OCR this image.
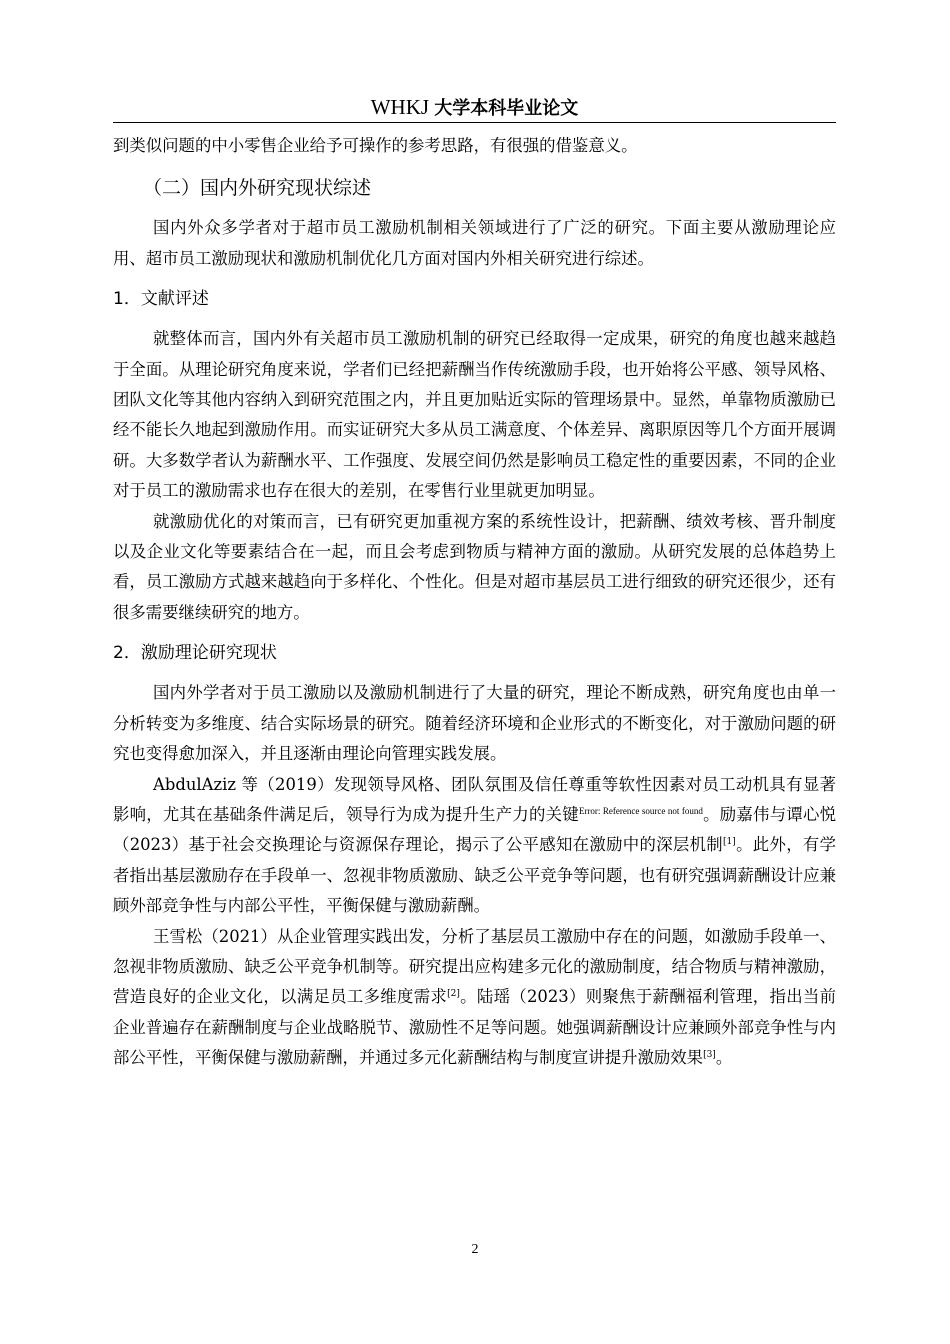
WHKJ 大学本科毕业论文

到类似问题的中小零售企业给予可操作的参考思路，有很强的借鉴意义。

（二）国内外研究现状综述

国内外众多学者对于超市员工激励机制相关领域进行了广泛的研究。下面主要从激励理论应用、超市员工激励现状和激励机制优化几方面对国内外相关研究进行综述。

1．文献评述

就整体而言，国内外有关超市员工激励机制的研究已经取得一定成果，研究的角度也越来越趋于全面。从理论研究角度来说，学者们已经把薪酬当作传统激励手段，也开始将公平感、领导风格、团队文化等其他内容纳入到研究范围之内，并且更加贴近实际的管理场景中。显然，单靠物质激励已经不能长久地起到激励作用。而实证研究大多从员工满意度、个体差异、离职原因等几个方面开展调研。大多数学者认为薪酬水平、工作强度、发展空间仍然是影响员工稳定性的重要因素，不同的企业对于员工的激励需求也存在很大的差别，在零售行业里就更加明显。

就激励优化的对策而言，已有研究更加重视方案的系统性设计，把薪酬、绩效考核、晋升制度以及企业文化等要素结合在一起，而且会考虑到物质与精神方面的激励。从研究发展的总体趋势上看，员工激励方式越来越趋向于多样化、个性化。但是对超市基层员工进行细致的研究还很少，还有很多需要继续研究的地方。

2．激励理论研究现状

国内外学者对于员工激励以及激励机制进行了大量的研究，理论不断成熟，研究角度也由单一分析转变为多维度、结合实际场景的研究。随着经济环境和企业形式的不断变化，对于激励问题的研究也变得愈加深入，并且逐渐由理论向管理实践发展。

AbdulAziz 等（2019）发现领导风格、团队氛围及信任尊重等软性因素对员工动机具有显著影响，尤其在基础条件满足后，领导行为成为提升生产力的关键$^{Error: Reference source not found}$。励嘉伟与谭心悦（2023）基于社会交换理论与资源保存理论，揭示了公平感知在激励中的深层机制[1]。此外，有学者指出基层激励存在手段单一、忽视非物质激励、缺乏公平竞争等问题，也有研究强调薪酬设计应兼顾外部竞争性与内部公平性，平衡保健与激励薪酬。

王雪松（2021）从企业管理实践出发，分析了基层员工激励中存在的问题，如激励手段单一、忽视非物质激励、缺乏公平竞争机制等。研究提出应构建多元化的激励制度，结合物质与精神激励，营造良好的企业文化，以满足员工多维度需求[2]。陆瑶（2023）则聚焦于薪酬福利管理，指出当前企业普遍存在薪酬制度与企业战略脱节、激励性不足等问题。她强调薪酬设计应兼顾外部竞争性与内部公平性，平衡保健与激励薪酬，并通过多元化薪酬结构与制度宣讲提升激励效果[3]。

2
